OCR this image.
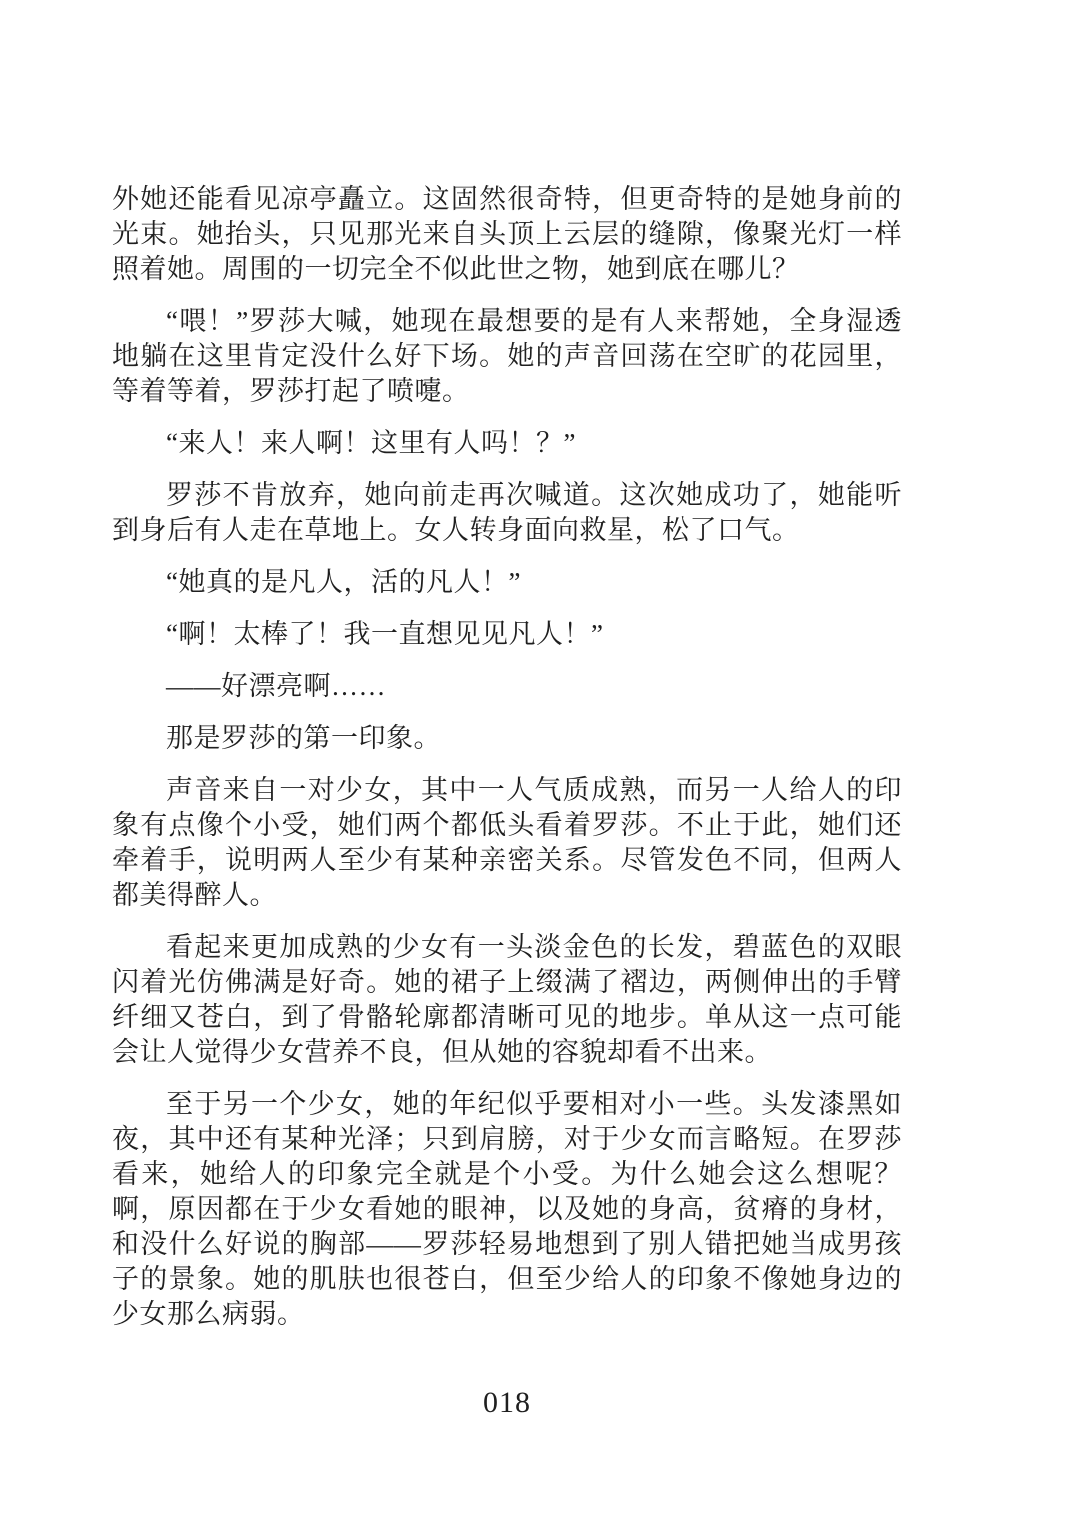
外她还能看见凉亭矗立。这固然很奇特，但更奇特的是她身前的光束。她抬头，只见那光来自头顶上云层的缝隙，像聚光灯一样照着她。周围的一切完全不似此世之物，她到底在哪儿？

“喂！”罗莎大喊，她现在最想要的是有人来帮她，全身湿透地躺在这里肯定没什么好下场。她的声音回荡在空旷的花园里，等着等着，罗莎打起了喷嚏。

“来人！来人啊！这里有人吗！？”

罗莎不肯放弃，她向前走再次喊道。这次她成功了，她能听到身后有人走在草地上。女人转身面向救星，松了口气。

“她真的是凡人，活的凡人！”

“啊！太棒了！我一直想见见凡人！”

——好漂亮啊……

那是罗莎的第一印象。

声音来自一对少女，其中一人气质成熟，而另一人给人的印象有点像个小受，她们两个都低头看着罗莎。不止于此，她们还牵着手，说明两人至少有某种亲密关系。尽管发色不同，但两人都美得醉人。

看起来更加成熟的少女有一头淡金色的长发，碧蓝色的双眼闪着光仿佛满是好奇。她的裙子上缀满了褶边，两侧伸出的手臂纤细又苍白，到了骨骼轮廓都清晰可见的地步。单从这一点可能会让人觉得少女营养不良，但从她的容貌却看不出来。

至于另一个少女，她的年纪似乎要相对小一些。头发漆黑如夜，其中还有某种光泽；只到肩膀，对于少女而言略短。在罗莎看来，她给人的印象完全就是个小受。为什么她会这么想呢？啊，原因都在于少女看她的眼神，以及她的身高，贫瘠的身材，和没什么好说的胸部——罗莎轻易地想到了别人错把她当成男孩子的景象。她的肌肤也很苍白，但至少给人的印象不像她身边的少女那么病弱。

018
